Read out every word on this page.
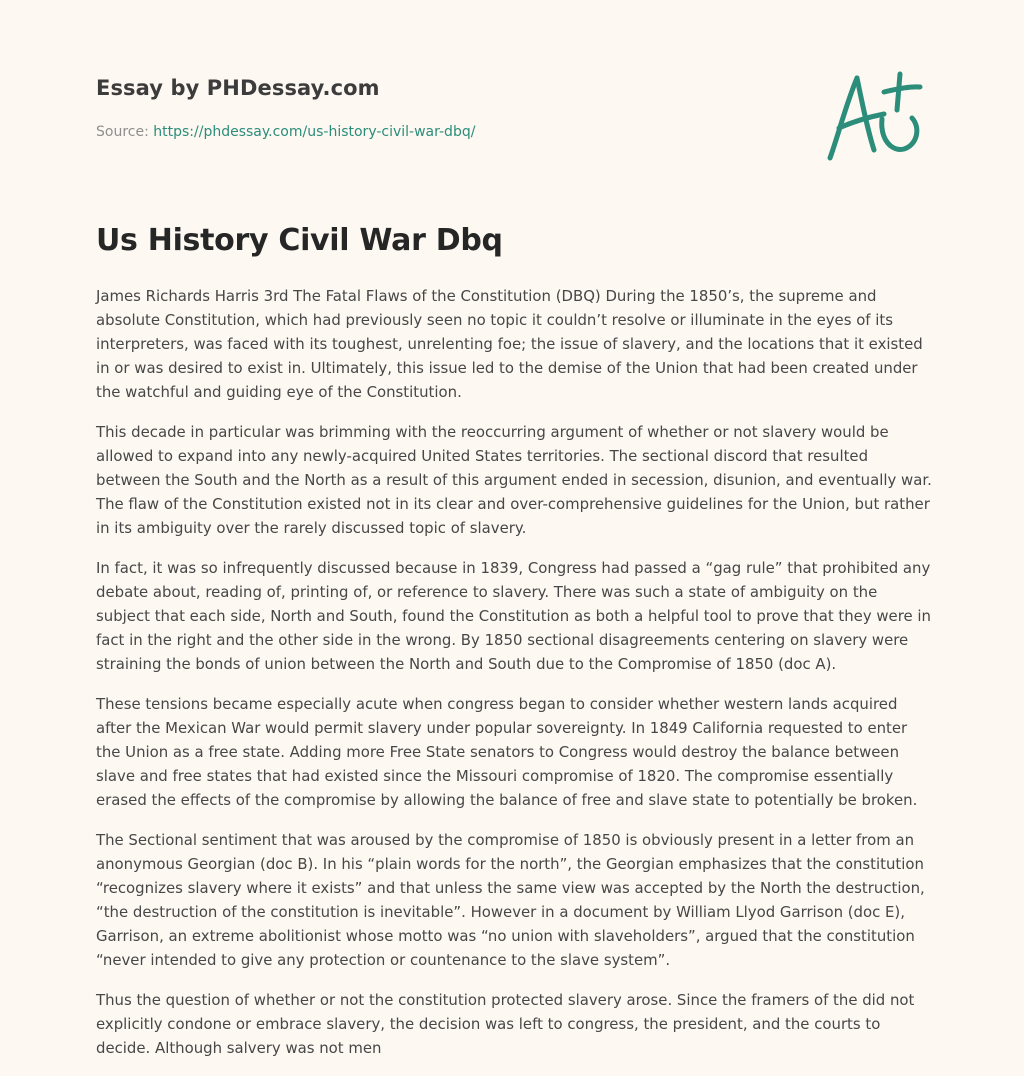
Essay by PHDessay.com
Source: https://phdessay.com/us-history-civil-war-dbq/
Us History Civil War Dbq

James Richards Harris 3rd The Fatal Flaws of the Constitution (DBQ) During the 1850’s, the supreme and absolute Constitution, which had previously seen no topic it couldn’t resolve or illuminate in the eyes of its interpreters, was faced with its toughest, unrelenting foe; the issue of slavery, and the locations that it existed in or was desired to exist in. Ultimately, this issue led to the demise of the Union that had been created under the watchful and guiding eye of the Constitution.

This decade in particular was brimming with the reoccurring argument of whether or not slavery would be allowed to expand into any newly-acquired United States territories. The sectional discord that resulted between the South and the North as a result of this argument ended in secession, disunion, and eventually war. The flaw of the Constitution existed not in its clear and over-comprehensive guidelines for the Union, but rather in its ambiguity over the rarely discussed topic of slavery.

In fact, it was so infrequently discussed because in 1839, Congress had passed a “gag rule” that prohibited any debate about, reading of, printing of, or reference to slavery. There was such a state of ambiguity on the subject that each side, North and South, found the Constitution as both a helpful tool to prove that they were in fact in the right and the other side in the wrong. By 1850 sectional disagreements centering on slavery were straining the bonds of union between the North and South due to the Compromise of 1850 (doc A).

These tensions became especially acute when congress began to consider whether western lands acquired after the Mexican War would permit slavery under popular sovereignty. In 1849 California requested to enter the Union as a free state. Adding more Free State senators to Congress would destroy the balance between slave and free states that had existed since the Missouri compromise of 1820. The compromise essentially erased the effects of the compromise by allowing the balance of free and slave state to potentially be broken.

The Sectional sentiment that was aroused by the compromise of 1850 is obviously present in a letter from an anonymous Georgian (doc B). In his “plain words for the north”, the Georgian emphasizes that the constitution “recognizes slavery where it exists” and that unless the same view was accepted by the North the destruction, “the destruction of the constitution is inevitable”. However in a document by William Llyod Garrison (doc E), Garrison, an extreme abolitionist whose motto was “no union with slaveholders”, argued that the constitution “never intended to give any protection or countenance to the slave system”.

Thus the question of whether or not the constitution protected slavery arose. Since the framers of the did not explicitly condone or embrace slavery, the decision was left to congress, the president, and the courts to decide. Although salvery was not men
